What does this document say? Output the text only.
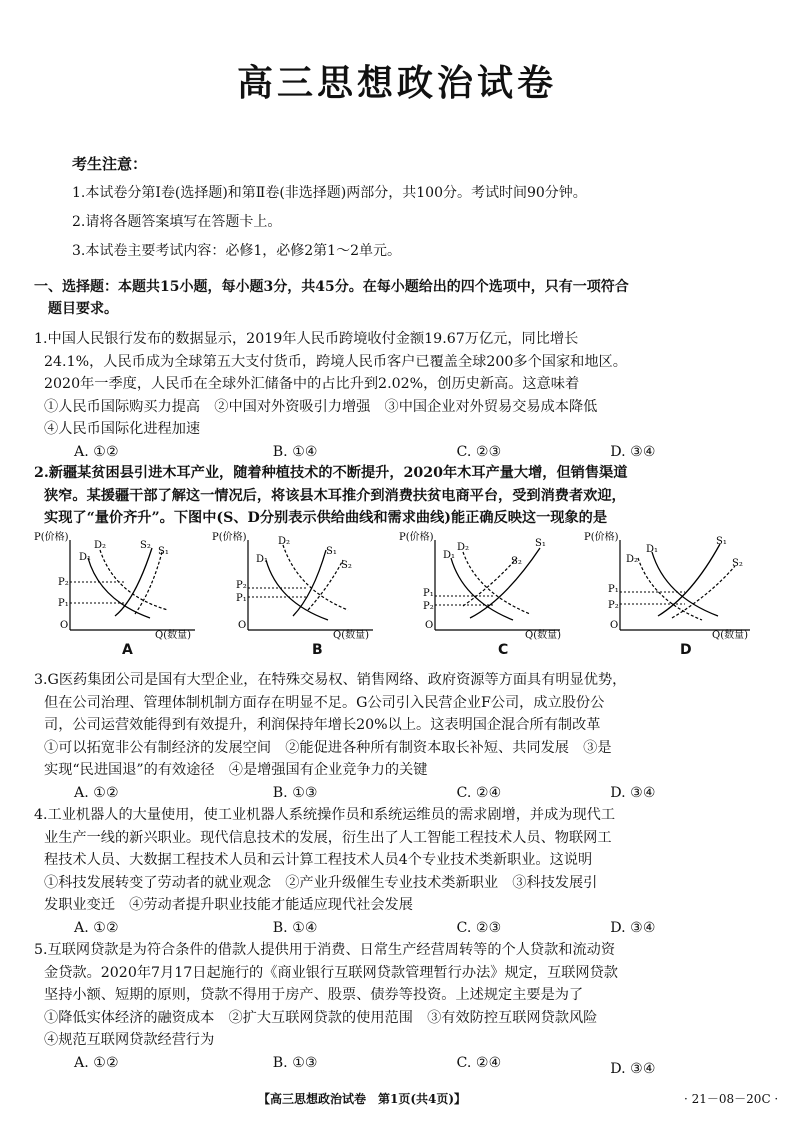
高三思想政治试卷
考生注意：
1.本试卷分第Ⅰ卷(选择题)和第Ⅱ卷(非选择题)两部分，共100分。考试时间90分钟。
2.请将各题答案填写在答题卡上。
3.本试卷主要考试内容：必修1，必修2第1～2单元。
一、选择题：本题共15小题，每小题3分，共45分。在每小题给出的四个选项中，只有一项符合
题目要求。
1.中国人民银行发布的数据显示，2019年人民币跨境收付金额19.67万亿元，同比增长
24.1%，人民币成为全球第五大支付货币，跨境人民币客户已覆盖全球200多个国家和地区。
2020年一季度，人民币在全球外汇储备中的占比升到2.02%，创历史新高。这意味着
①人民币国际购买力提高　②中国对外资吸引力增强　③中国企业对外贸易交易成本降低
④人民币国际化进程加速
A. ①②	B. ①④	C. ②③	D. ③④
2.新疆某贫困县引进木耳产业，随着种植技术的不断提升，2020年木耳产量大增，但销售渠道
狭窄。某援疆干部了解这一情况后，将该县木耳推介到消费扶贫电商平台，受到消费者欢迎，
实现了“量价齐升”。下图中(S、D分别表示供给曲线和需求曲线)能正确反映这一现象的是
P(价格)
Q(数量)
O
D₁
D₂	S₂
S₁
P₂
P₁
A
P(价格)
Q(数量)
O
D₁
D₂
S₁
S₂
P₂
P₁
B
P(价格)
Q(数量)
O
D₁
D₂	S₁
S₂
P₁
P₂
C
P(价格)
Q(数量)
O
D₂
D₁
S₁
S₂
P₁
P₂
D
3.G医药集团公司是国有大型企业，在特殊交易权、销售网络、政府资源等方面具有明显优势，
但在公司治理、管理体制机制方面存在明显不足。G公司引入民营企业F公司，成立股份公
司，公司运营效能得到有效提升，利润保持年增长20%以上。这表明国企混合所有制改革
①可以拓宽非公有制经济的发展空间　②能促进各种所有制资本取长补短、共同发展　③是
实现“民进国退”的有效途径　④是增强国有企业竞争力的关键
A. ①②	B. ①③	C. ②④	D. ③④
4.工业机器人的大量使用，使工业机器人系统操作员和系统运维员的需求剧增，并成为现代工
业生产一线的新兴职业。现代信息技术的发展，衍生出了人工智能工程技术人员、物联网工
程技术人员、大数据工程技术人员和云计算工程技术人员4个专业技术类新职业。这说明
①科技发展转变了劳动者的就业观念　②产业升级催生专业技术类新职业　③科技发展引
发职业变迁　④劳动者提升职业技能才能适应现代社会发展
A. ①②	B. ①④	C. ②③	D. ③④
5.互联网贷款是为符合条件的借款人提供用于消费、日常生产经营周转等的个人贷款和流动资
金贷款。2020年7月17日起施行的《商业银行互联网贷款管理暂行办法》规定，互联网贷款
坚持小额、短期的原则，贷款不得用于房产、股票、债券等投资。上述规定主要是为了
①降低实体经济的融资成本　②扩大互联网贷款的使用范围　③有效防控互联网贷款风险
④规范互联网贷款经营行为
A. ①②	B. ①③	C. ②④	D. ③④
【高三思想政治试卷　第1页(共4页)】	· 21－08－20C ·
